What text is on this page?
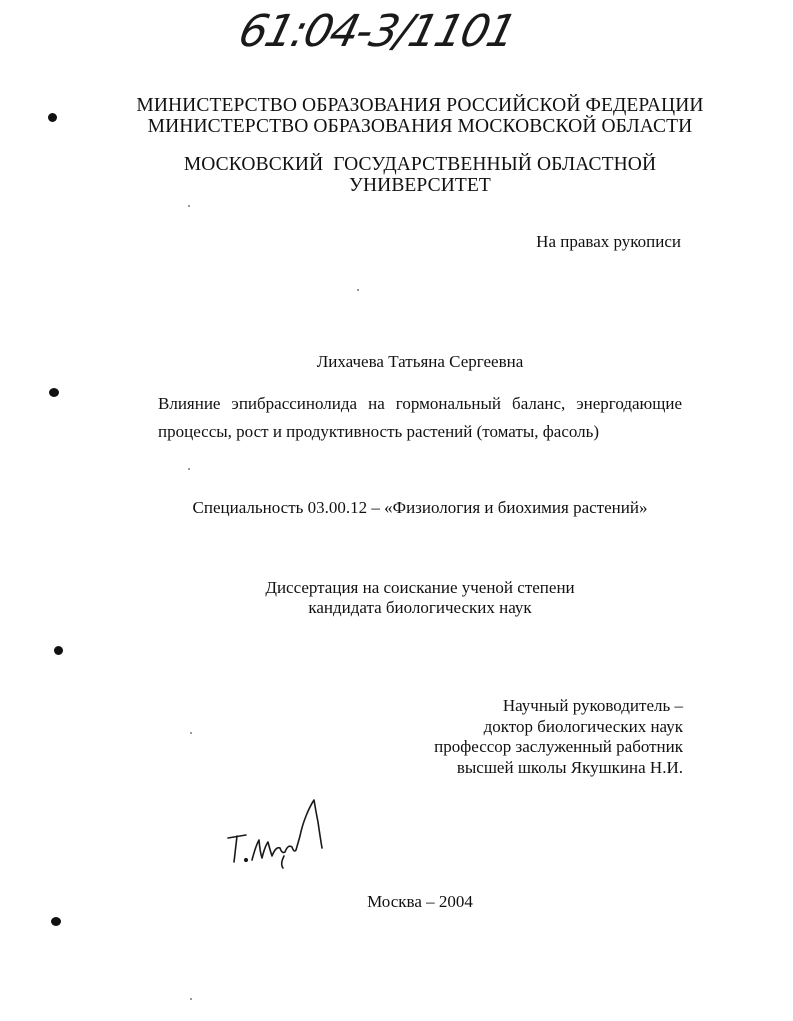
61:04-3/1101
МИНИСТЕРСТВО ОБРАЗОВАНИЯ РОССИЙСКОЙ ФЕДЕРАЦИИ
МИНИСТЕРСТВО ОБРАЗОВАНИЯ МОСКОВСКОЙ ОБЛАСТИ
МОСКОВСКИЙ  ГОСУДАРСТВЕННЫЙ ОБЛАСТНОЙ
УНИВЕРСИТЕТ
На правах рукописи
Лихачева Татьяна Сергеевна
Влияние эпибрассинолида на гормональный баланс, энергодающие процессы, рост и продуктивность растений (томаты, фасоль)
Специальность 03.00.12 – «Физиология и биохимия растений»
Диссертация на соискание ученой степени
кандидата биологических наук
Научный руководитель –
доктор биологических наук
профессор заслуженный работник
высшей школы Якушкина Н.И.
Москва – 2004
